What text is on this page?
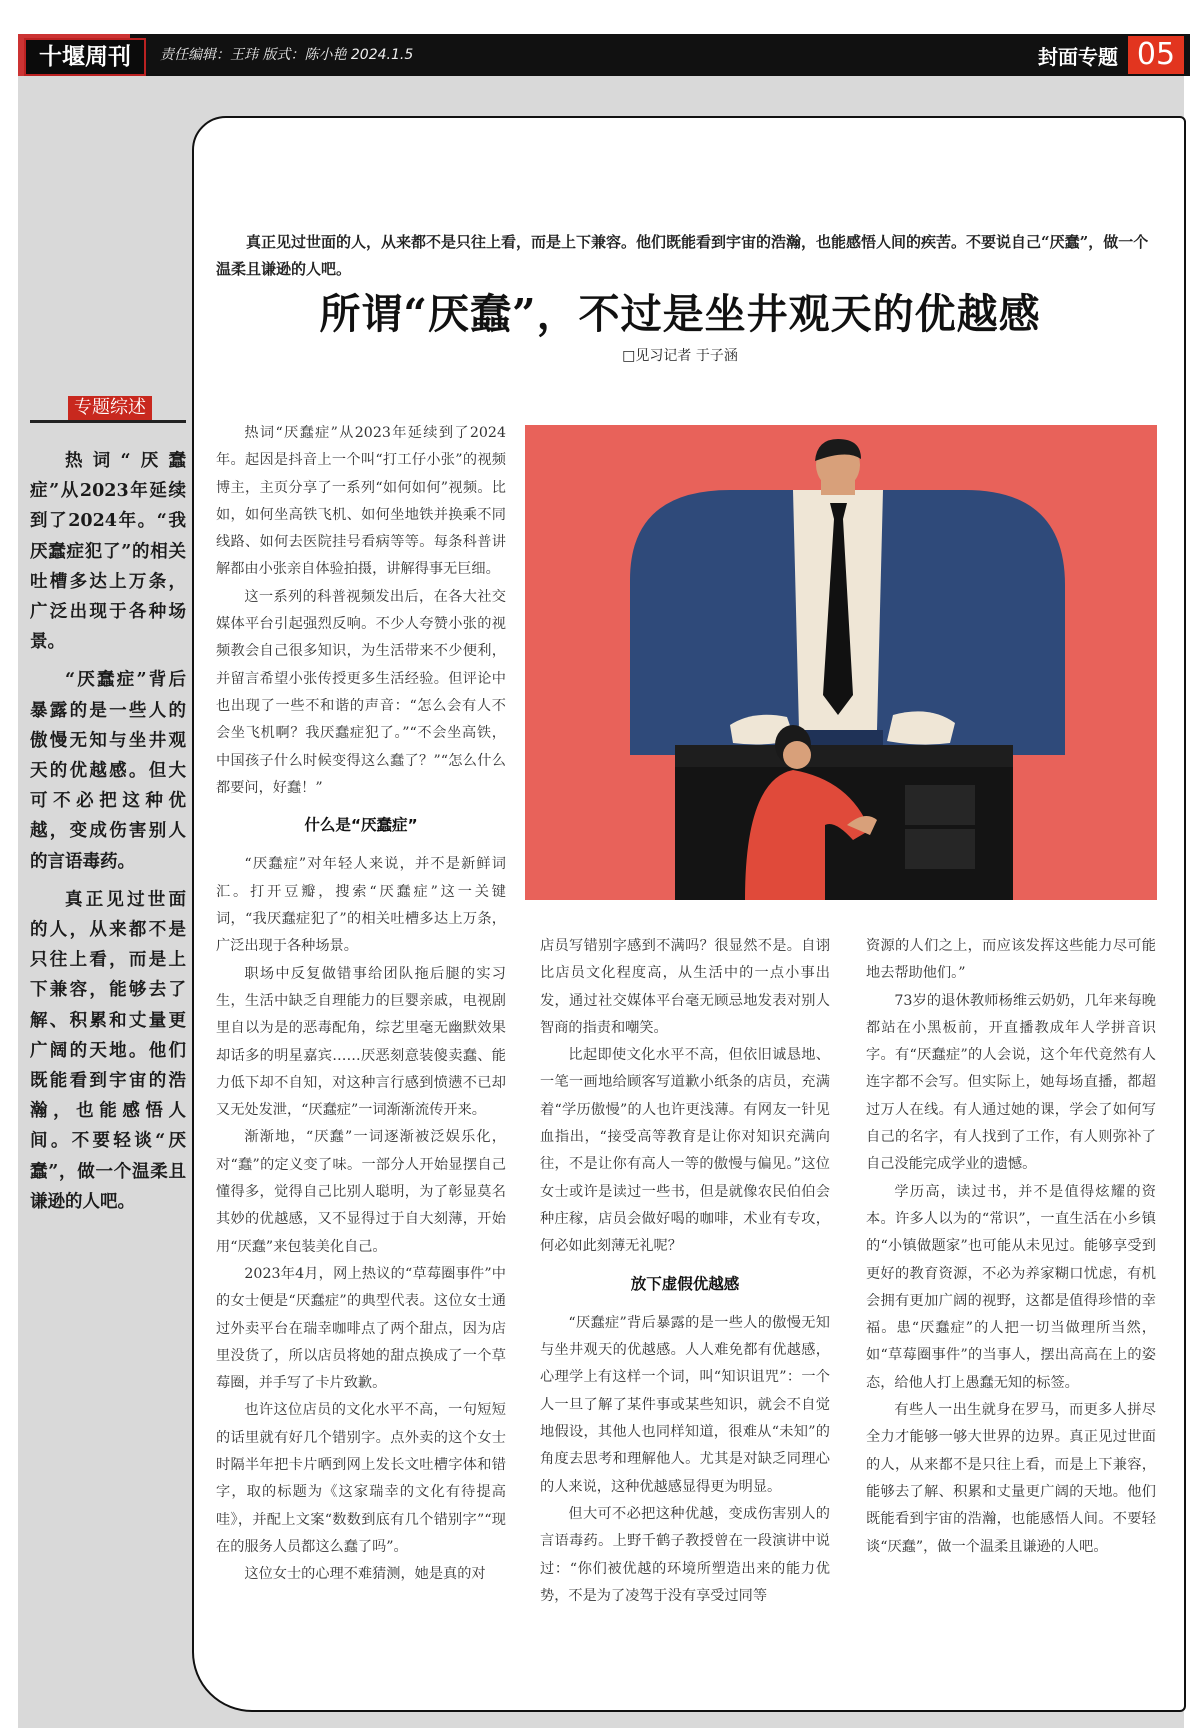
十堰周刊	责任编辑：王玮 版式：陈小艳 2024.1.5	封面专题 05
专题综述

热词“厌蠢症”从2023年延续到了2024年。“我厌蠢症犯了”的相关吐槽多达上万条，广泛出现于各种场景。

“厌蠢症”背后暴露的是一些人的傲慢无知与坐井观天的优越感。但大可不必把这种优越，变成伤害别人的言语毒药。

真正见过世面的人，从来都不是只往上看，而是上下兼容，能够去了解、积累和丈量更广阔的天地。他们既能看到宇宙的浩瀚，也能感悟人间。不要轻谈“厌蠢”，做一个温柔且谦逊的人吧。

真正见过世面的人，从来都不是只往上看，而是上下兼容。他们既能看到宇宙的浩瀚，也能感悟人间的疾苦。不要说自己“厌蠢”，做一个温柔且谦逊的人吧。
所谓“厌蠢”，不过是坐井观天的优越感
□见习记者 于子涵

热词“厌蠢症”从2023年延续到了2024年。起因是抖音上一个叫“打工仔小张”的视频博主，主页分享了一系列“如何如何”视频。比如，如何坐高铁飞机、如何坐地铁并换乘不同线路、如何去医院挂号看病等等。每条科普讲解都由小张亲自体验拍摄，讲解得事无巨细。

这一系列的科普视频发出后，在各大社交媒体平台引起强烈反响。不少人夸赞小张的视频教会自己很多知识，为生活带来不少便利，并留言希望小张传授更多生活经验。但评论中也出现了一些不和谐的声音：“怎么会有人不会坐飞机啊？我厌蠢症犯了。”“不会坐高铁，中国孩子什么时候变得这么蠢了？”“怎么什么都要问，好蠢！”

什么是“厌蠢症”

“厌蠢症”对年轻人来说，并不是新鲜词汇。打开豆瓣，搜索“厌蠢症”这一关键词，“我厌蠢症犯了”的相关吐槽多达上万条，广泛出现于各种场景。

职场中反复做错事给团队拖后腿的实习生，生活中缺乏自理能力的巨婴亲戚，电视剧里自以为是的恶毒配角，综艺里毫无幽默效果却话多的明星嘉宾……厌恶刻意装傻卖蠢、能力低下却不自知，对这种言行感到愤懑不已却又无处发泄，“厌蠢症”一词渐渐流传开来。

渐渐地，“厌蠢”一词逐渐被泛娱乐化，对“蠢”的定义变了味。一部分人开始显摆自己懂得多，觉得自己比别人聪明，为了彰显莫名其妙的优越感，又不显得过于自大刻薄，开始用“厌蠢”来包装美化自己。

2023年4月，网上热议的“草莓圈事件”中的女士便是“厌蠢症”的典型代表。这位女士通过外卖平台在瑞幸咖啡点了两个甜点，因为店里没货了，所以店员将她的甜点换成了一个草莓圈，并手写了卡片致歉。

也许这位店员的文化水平不高，一句短短的话里就有好几个错别字。点外卖的这个女士时隔半年把卡片晒到网上发长文吐槽字体和错字，取的标题为《这家瑞幸的文化有待提高哇》，并配上文案“数数到底有几个错别字”“现在的服务人员都这么蠢了吗”。

这位女士的心理不难猜测，她是真的对

店员写错别字感到不满吗？很显然不是。自诩比店员文化程度高，从生活中的一点小事出发，通过社交媒体平台毫无顾忌地发表对别人智商的指责和嘲笑。

比起即使文化水平不高，但依旧诚恳地、一笔一画地给顾客写道歉小纸条的店员，充满着“学历傲慢”的人也许更浅薄。有网友一针见血指出，“接受高等教育是让你对知识充满向往，不是让你有高人一等的傲慢与偏见。”这位女士或许是读过一些书，但是就像农民伯伯会种庄稼，店员会做好喝的咖啡，术业有专攻，何必如此刻薄无礼呢？

放下虚假优越感

“厌蠢症”背后暴露的是一些人的傲慢无知与坐井观天的优越感。人人难免都有优越感，心理学上有这样一个词，叫“知识诅咒”：一个人一旦了解了某件事或某些知识，就会不自觉地假设，其他人也同样知道，很难从“未知”的角度去思考和理解他人。尤其是对缺乏同理心的人来说，这种优越感显得更为明显。

但大可不必把这种优越，变成伤害别人的言语毒药。上野千鹤子教授曾在一段演讲中说过：“你们被优越的环境所塑造出来的能力优势，不是为了凌驾于没有享受过同等

资源的人们之上，而应该发挥这些能力尽可能地去帮助他们。”

73岁的退休教师杨维云奶奶，几年来每晚都站在小黑板前，开直播教成年人学拼音识字。有“厌蠢症”的人会说，这个年代竟然有人连字都不会写。但实际上，她每场直播，都超过万人在线。有人通过她的课，学会了如何写自己的名字，有人找到了工作，有人则弥补了自己没能完成学业的遗憾。

学历高，读过书，并不是值得炫耀的资本。许多人以为的“常识”，一直生活在小乡镇的“小镇做题家”也可能从未见过。能够享受到更好的教育资源，不必为养家糊口忧虑，有机会拥有更加广阔的视野，这都是值得珍惜的幸福。患“厌蠢症”的人把一切当做理所当然，如“草莓圈事件”的当事人，摆出高高在上的姿态，给他人打上愚蠢无知的标签。

有些人一出生就身在罗马，而更多人拼尽全力才能够一够大世界的边界。真正见过世面的人，从来都不是只往上看，而是上下兼容，能够去了解、积累和丈量更广阔的天地。他们既能看到宇宙的浩瀚，也能感悟人间。不要轻谈“厌蠢”，做一个温柔且谦逊的人吧。
